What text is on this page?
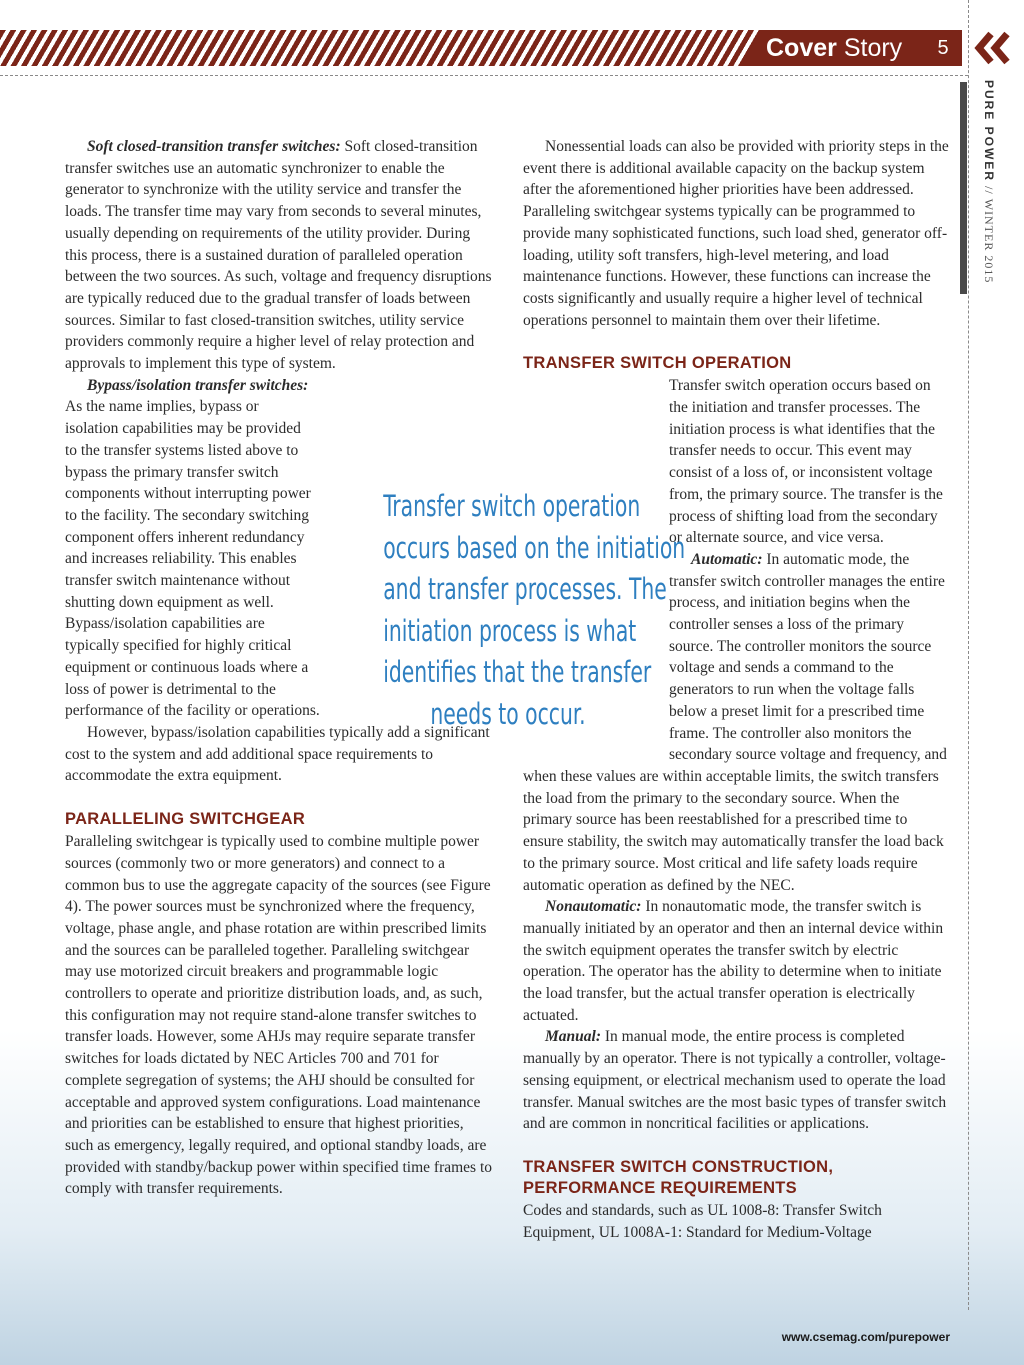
Cover Story	5
PURE POWER // WINTER 2015

Soft closed-transition transfer switches: Soft closed-transition transfer switches use an automatic synchronizer to enable the generator to synchronize with the utility service and transfer the loads. The transfer time may vary from seconds to several minutes, usually depending on requirements of the utility provider. During this process, there is a sustained duration of paralleled operation between the two sources. As such, voltage and frequency disruptions are typically reduced due to the gradual transfer of loads between sources. Similar to fast closed-transition switches, utility service providers commonly require a higher level of relay protection and approvals to implement this type of system.

Bypass/isolation transfer switches: As the name implies, bypass or isolation capabilities may be provided to the transfer systems listed above to bypass the primary transfer switch components without interrupting power to the facility. The secondary switching component offers inherent redundancy and increases reliability. This enables transfer switch maintenance without shutting down equipment as well. Bypass/isolation capabilities are typically specified for highly critical equipment or continuous loads where a loss of power is detrimental to the performance of the facility or operations.

However, bypass/isolation capabilities typically add a significant cost to the system and add additional space requirements to accommodate the extra equipment.

PARALLELING SWITCHGEAR

Paralleling switchgear is typically used to combine multiple power sources (commonly two or more generators) and connect to a common bus to use the aggregate capacity of the sources (see Figure 4). The power sources must be synchronized where the frequency, voltage, phase angle, and phase rotation are within prescribed limits and the sources can be paralleled together. Paralleling switchgear may use motorized circuit breakers and programmable logic controllers to operate and prioritize distribution loads, and, as such, this configuration may not require stand-alone transfer switches to transfer loads. However, some AHJs may require separate transfer switches for loads dictated by NEC Articles 700 and 701 for complete segregation of systems; the AHJ should be consulted for acceptable and approved system configurations. Load maintenance and priorities can be established to ensure that highest priorities, such as emergency, legally required, and optional standby loads, are provided with standby/backup power within specified time frames to comply with transfer requirements.

Nonessential loads can also be provided with priority steps in the event there is additional available capacity on the backup system after the aforementioned higher priorities have been addressed. Paralleling switchgear systems typically can be programmed to provide many sophisticated functions, such load shed, generator off-loading, utility soft transfers, high-level metering, and load maintenance functions. However, these functions can increase the costs significantly and usually require a higher level of technical operations personnel to maintain them over their lifetime.

TRANSFER SWITCH OPERATION

Transfer switch operation occurs based on the initiation and transfer processes. The initiation process is what identifies that the transfer needs to occur. This event may consist of a loss of, or inconsistent voltage from, the primary source. The transfer is the process of shifting load from the secondary or alternate source, and vice versa.

Automatic: In automatic mode, the transfer switch controller manages the entire process, and initiation begins when the controller senses a loss of the primary source. The controller monitors the source voltage and sends a command to the generators to run when the voltage falls below a preset limit for a prescribed time frame. The controller also monitors the secondary source voltage and frequency, and when these values are within acceptable limits, the switch transfers the load from the primary to the secondary source. When the primary source has been reestablished for a prescribed time to ensure stability, the switch may automatically transfer the load back to the primary source. Most critical and life safety loads require automatic operation as defined by the NEC.

Nonautomatic: In nonautomatic mode, the transfer switch is manually initiated by an operator and then an internal device within the switch equipment operates the transfer switch by electric operation. The operator has the ability to determine when to initiate the load transfer, but the actual transfer operation is electrically actuated.

Manual: In manual mode, the entire process is completed manually by an operator. There is not typically a controller, voltage-sensing equipment, or electrical mechanism used to operate the load transfer. Manual switches are the most basic types of transfer switch and are common in noncritical facilities or applications.

TRANSFER SWITCH CONSTRUCTION,
PERFORMANCE REQUIREMENTS

Codes and standards, such as UL 1008-8: Transfer Switch Equipment, UL 1008A-1: Standard for Medium-Voltage

Transfer switch operation
occurs based on the initiation
and transfer processes. The
initiation process is what
identifies that the transfer
needs to occur.
www.csemag.com/purepower
